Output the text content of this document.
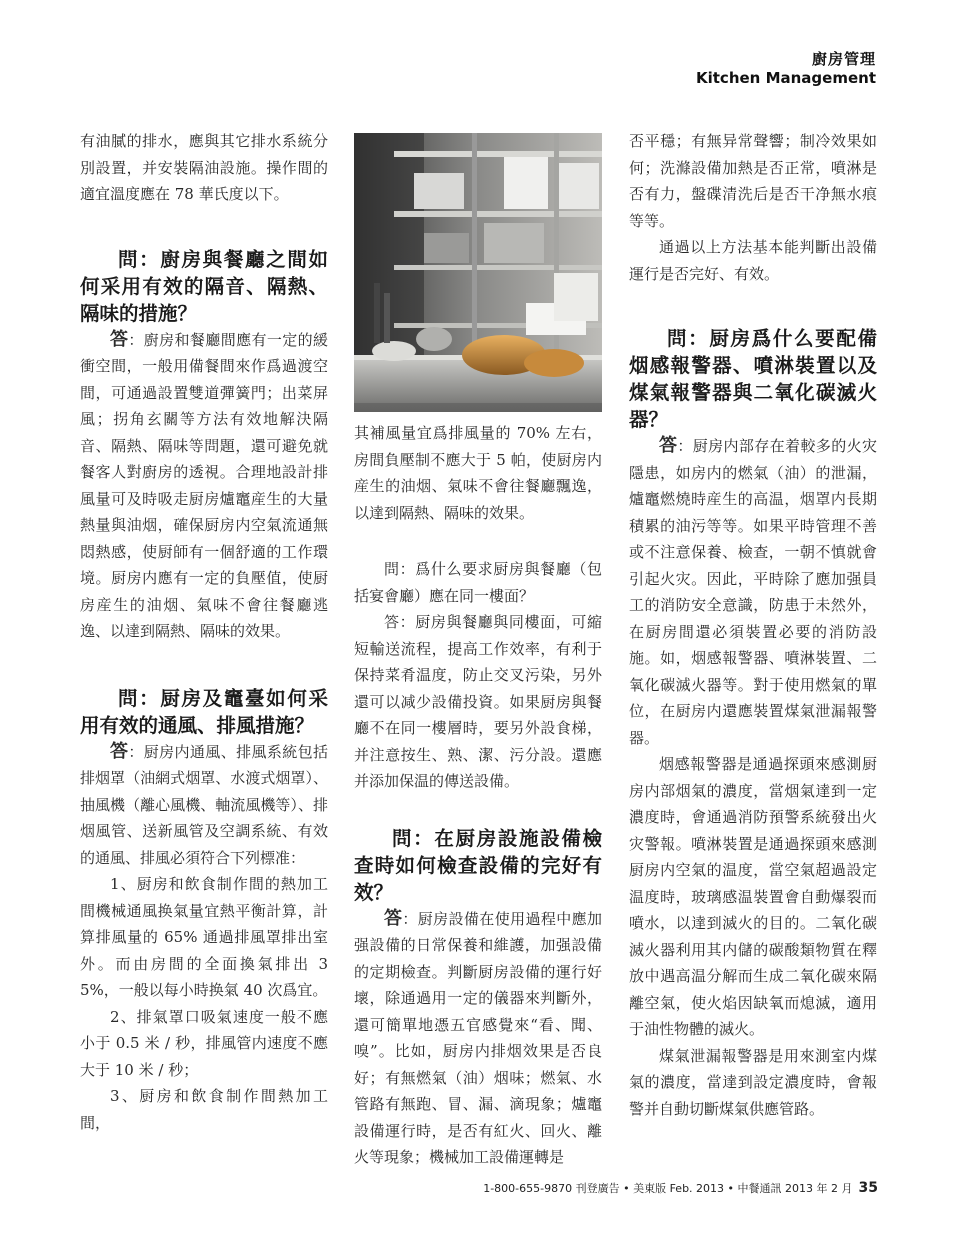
廚房管理
Kitchen Management

有油膩的排水，應與其它排水系統分別設置，并安裝隔油設施。操作間的適宜溫度應在 78 華氏度以下。

問：廚房與餐廳之間如何采用有效的隔音、隔熱、隔味的措施？

答：廚房和餐廳間應有一定的緩衝空間，一般用備餐間來作爲過渡空間，可通過設置雙道彈簧門；出菜屏風；拐角玄關等方法有效地解決隔音、隔熱、隔味等問題，還可避免就餐客人對廚房的透視。合理地設計排風量可及時吸走厨房爐竈産生的大量熱量與油烟，確保厨房内空氣流通無悶熱感，使厨師有一個舒適的工作環境。厨房内應有一定的負壓值，使厨房産生的油烟、氣味不會往餐廳逃逸、以達到隔熱、隔味的效果。

問：厨房及竈臺如何采用有效的通風、排風措施？

答：厨房内通風、排風系統包括排烟罩（油網式烟罩、水渡式烟罩）、抽風機（離心風機、軸流風機等）、排烟風管、送新風管及空調系統、有效的通風、排風必須符合下列標准：

1、厨房和飲食制作間的熱加工間機械通風换氣量宜熱平衡計算，計算排風量的 65% 通過排風罩排出室外。而由房間的全面換氣排出 35%，一般以每小時换氣 40 次爲宜。

2、排氣罩口吸氣速度一般不應小于 0.5 米 / 秒，排風管内速度不應大于 10 米 / 秒；

3、厨房和飲食制作間熱加工間，

其補風量宜爲排風量的 70% 左右，房間負壓制不應大于 5 帕，使厨房内産生的油烟、氣味不會往餐廳飄逸，以達到隔熱、隔味的效果。

問：爲什么要求厨房與餐廳（包括宴會廳）應在同一樓面？

答：厨房與餐廳與同樓面，可縮短輸送流程，提高工作效率，有利于保持菜肴温度，防止交叉污染，另外還可以减少設備投資。如果厨房與餐廳不在同一樓層時，要另外設食梯，并注意按生、熟、潔、污分設。還應并添加保温的傳送設備。

問：在厨房設施設備檢查時如何檢查設備的完好有效？

答：厨房設備在使用過程中應加强設備的日常保養和維護，加强設備的定期檢查。判斷厨房設備的運行好壞，除通過用一定的儀器來判斷外，還可簡單地憑五官感覺來“看、聞、嗅”。比如，厨房内排烟效果是否良好；有無燃氣（油）烟味；燃氣、水管路有無跑、冒、漏、滴現象；爐竈設備運行時，是否有紅火、回火、離火等現象；機械加工設備運轉是

否平穩；有無异常聲響；制冷效果如何；洗滌設備加熱是否正常，噴淋是否有力，盤碟清洗后是否干净無水痕等等。

通過以上方法基本能判斷出設備運行是否完好、有效。

問：厨房爲什么要配備烟感報警器、噴淋裝置以及煤氣報警器與二氧化碳滅火器？

答：厨房内部存在着較多的火灾隱患，如房内的燃氣（油）的泄漏，爐竈燃燒時産生的高温，烟罩内長期積累的油污等等。如果平時管理不善或不注意保養、檢查，一朝不慎就會引起火灾。因此，平時除了應加强員工的消防安全意識，防患于未然外，在厨房間還必須裝置必要的消防設施。如，烟感報警器、噴淋裝置、二氧化碳滅火器等。對于使用燃氣的單位，在厨房内還應裝置煤氣泄漏報警器。

烟感報警器是通過探頭來感測厨房内部烟氣的濃度，當烟氣達到一定濃度時，會通過消防預警系統發出火灾警報。噴淋裝置是通過探頭來感測厨房内空氣的温度，當空氣超過設定温度時，玻璃感温裝置會自動爆裂而噴水，以達到滅火的目的。二氧化碳滅火器利用其内儲的碳酸類物質在釋放中遇高温分解而生成二氧化碳來隔離空氣，使火焰因缺氧而熄滅，適用于油性物體的滅火。

煤氣泄漏報警器是用來測室内煤氣的濃度，當達到設定濃度時，會報警并自動切斷煤氣供應管路。

1-800-655-9870 刊登廣告 • 美東版 Feb. 2013 • 中餐通訊 2013 年 2 月 35
